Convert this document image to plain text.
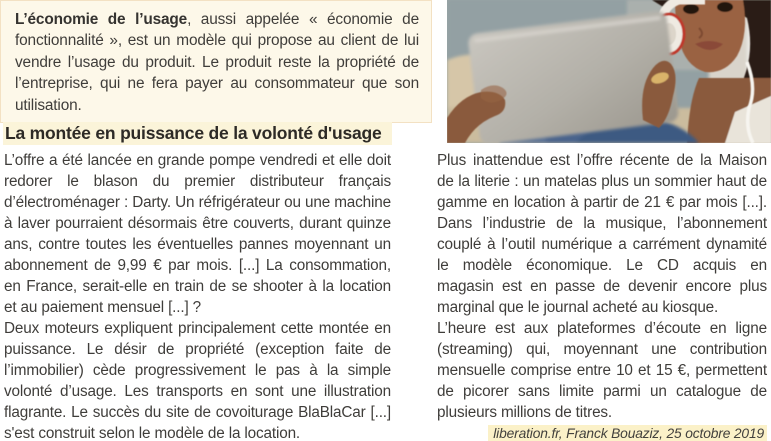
L’économie de l’usage, aussi appelée « économie de fonctionnalité », est un modèle qui propose au client de lui vendre l’usage du produit. Le produit reste la propriété de l’entreprise, qui ne fera payer au consommateur que son utilisation.

La montée en puissance de la volonté d'usage

L’offre a été lancée en grande pompe vendredi et elle doit redorer le blason du premier distributeur français d’électroménager : Darty. Un réfrigérateur ou une machine à laver pourraient désormais être couverts, durant quinze ans, contre toutes les éventuelles pannes moyennant un abonnement de 9,99 € par mois. [...] La consommation, en France, serait-elle en train de se shooter à la location et au paiement mensuel [...] ?

Deux moteurs expliquent principalement cette montée en puissance. Le désir de propriété (exception faite de l’immobilier) cède progressivement le pas à la simple volonté d’usage. Les transports en sont une illustration flagrante. Le succès du site de covoiturage BlaBlaCar [...] s'est construit selon le modèle de la location.

Plus inattendue est l’offre récente de la Maison de la literie : un matelas plus un sommier haut de gamme en location à partir de 21 € par mois [...]. Dans l’industrie de la musique, l’abonnement couplé à l’outil numérique a carrément dynamité le modèle économique. Le CD acquis en magasin est en passe de devenir encore plus marginal que le journal acheté au kiosque.

L’heure est aux plateformes d’écoute en ligne (streaming) qui, moyennant une contribution mensuelle comprise entre 10 et 15 €, permettent de picorer sans limite parmi un catalogue de plusieurs millions de titres.

liberation.fr, Franck Bouaziz, 25 octobre 2019
